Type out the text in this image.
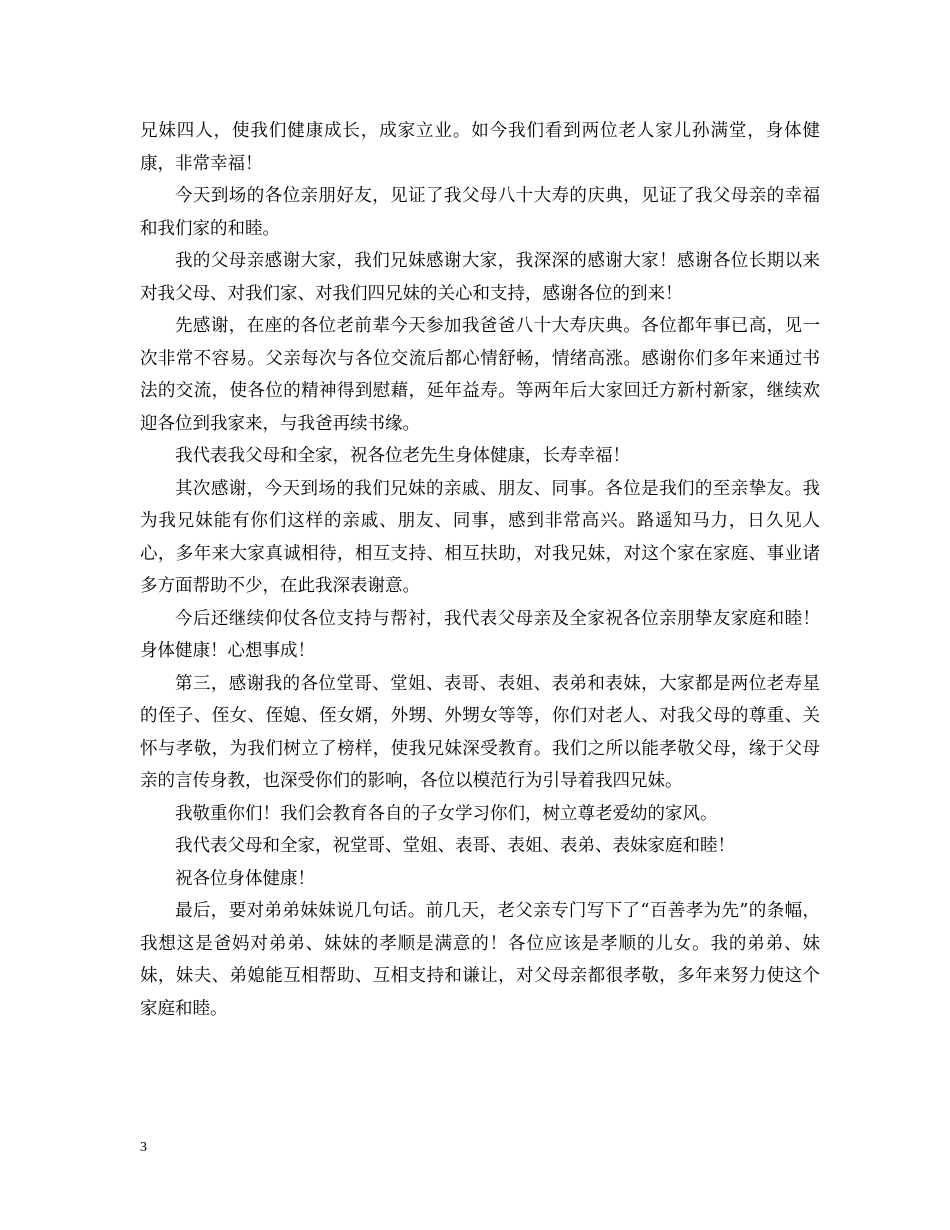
兄妹四人，使我们健康成长，成家立业。如今我们看到两位老人家儿孙满堂，身体健康，非常幸福！

今天到场的各位亲朋好友，见证了我父母八十大寿的庆典，见证了我父母亲的幸福和我们家的和睦。

我的父母亲感谢大家，我们兄妹感谢大家，我深深的感谢大家！感谢各位长期以来对我父母、对我们家、对我们四兄妹的关心和支持，感谢各位的到来！

先感谢，在座的各位老前辈今天参加我爸爸八十大寿庆典。各位都年事已高，见一次非常不容易。父亲每次与各位交流后都心情舒畅，情绪高涨。感谢你们多年来通过书法的交流，使各位的精神得到慰藉，延年益寿。等两年后大家回迁方新村新家，继续欢迎各位到我家来，与我爸再续书缘。

我代表我父母和全家，祝各位老先生身体健康，长寿幸福！

其次感谢，今天到场的我们兄妹的亲戚、朋友、同事。各位是我们的至亲挚友。我为我兄妹能有你们这样的亲戚、朋友、同事，感到非常高兴。路遥知马力，日久见人心，多年来大家真诚相待，相互支持、相互扶助，对我兄妹，对这个家在家庭、事业诸多方面帮助不少，在此我深表谢意。

今后还继续仰仗各位支持与帮衬，我代表父母亲及全家祝各位亲朋挚友家庭和睦！身体健康！心想事成！

第三，感谢我的各位堂哥、堂姐、表哥、表姐、表弟和表妹，大家都是两位老寿星的侄子、侄女、侄媳、侄女婿，外甥、外甥女等等，你们对老人、对我父母的尊重、关怀与孝敬，为我们树立了榜样，使我兄妹深受教育。我们之所以能孝敬父母，缘于父母亲的言传身教，也深受你们的影响，各位以模范行为引导着我四兄妹。

我敬重你们！我们会教育各自的子女学习你们，树立尊老爱幼的家风。

我代表父母和全家，祝堂哥、堂姐、表哥、表姐、表弟、表妹家庭和睦！

祝各位身体健康！

最后，要对弟弟妹妹说几句话。前几天，老父亲专门写下了“百善孝为先”的条幅，我想这是爸妈对弟弟、妹妹的孝顺是满意的！各位应该是孝顺的儿女。我的弟弟、妹妹，妹夫、弟媳能互相帮助、互相支持和谦让，对父母亲都很孝敬，多年来努力使这个家庭和睦。

3
